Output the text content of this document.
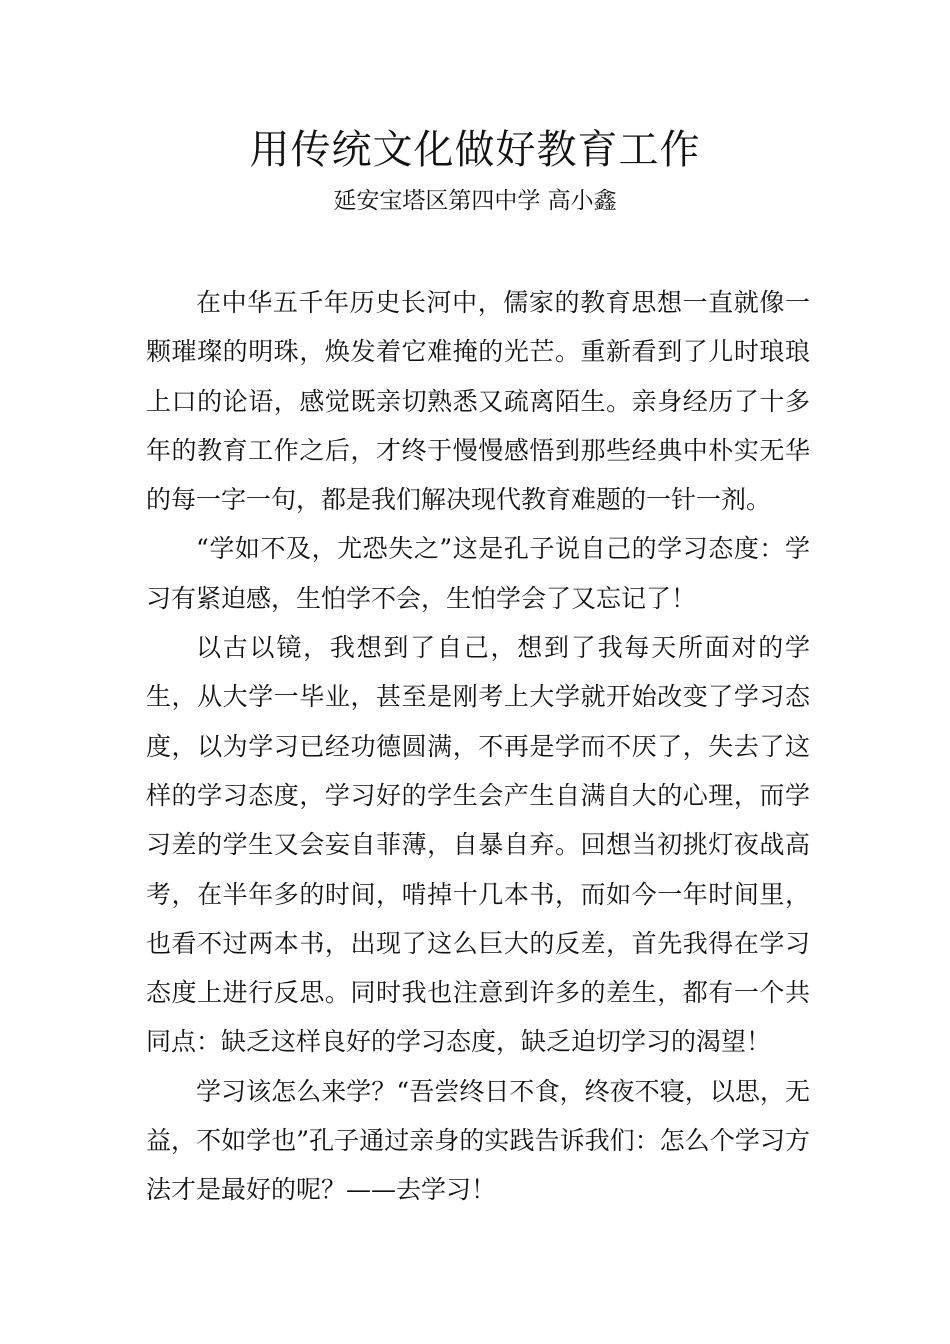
用传统文化做好教育工作

延安宝塔区第四中学 高小鑫

在中华五千年历史长河中，儒家的教育思想一直就像一颗璀璨的明珠，焕发着它难掩的光芒。重新看到了儿时琅琅上口的论语，感觉既亲切熟悉又疏离陌生。亲身经历了十多年的教育工作之后，才终于慢慢感悟到那些经典中朴实无华的每一字一句，都是我们解决现代教育难题的一针一剂。

“学如不及，尤恐失之”这是孔子说自己的学习态度：学习有紧迫感，生怕学不会，生怕学会了又忘记了！

以古以镜，我想到了自己，想到了我每天所面对的学生，从大学一毕业，甚至是刚考上大学就开始改变了学习态度，以为学习已经功德圆满，不再是学而不厌了，失去了这样的学习态度，学习好的学生会产生自满自大的心理，而学习差的学生又会妄自菲薄，自暴自弃。回想当初挑灯夜战高考，在半年多的时间，啃掉十几本书，而如今一年时间里，也看不过两本书，出现了这么巨大的反差，首先我得在学习态度上进行反思。同时我也注意到许多的差生，都有一个共同点：缺乏这样良好的学习态度，缺乏迫切学习的渴望！

学习该怎么来学？“吾尝终日不食，终夜不寝，以思，无益，不如学也”孔子通过亲身的实践告诉我们：怎么个学习方法才是最好的呢？——去学习！
